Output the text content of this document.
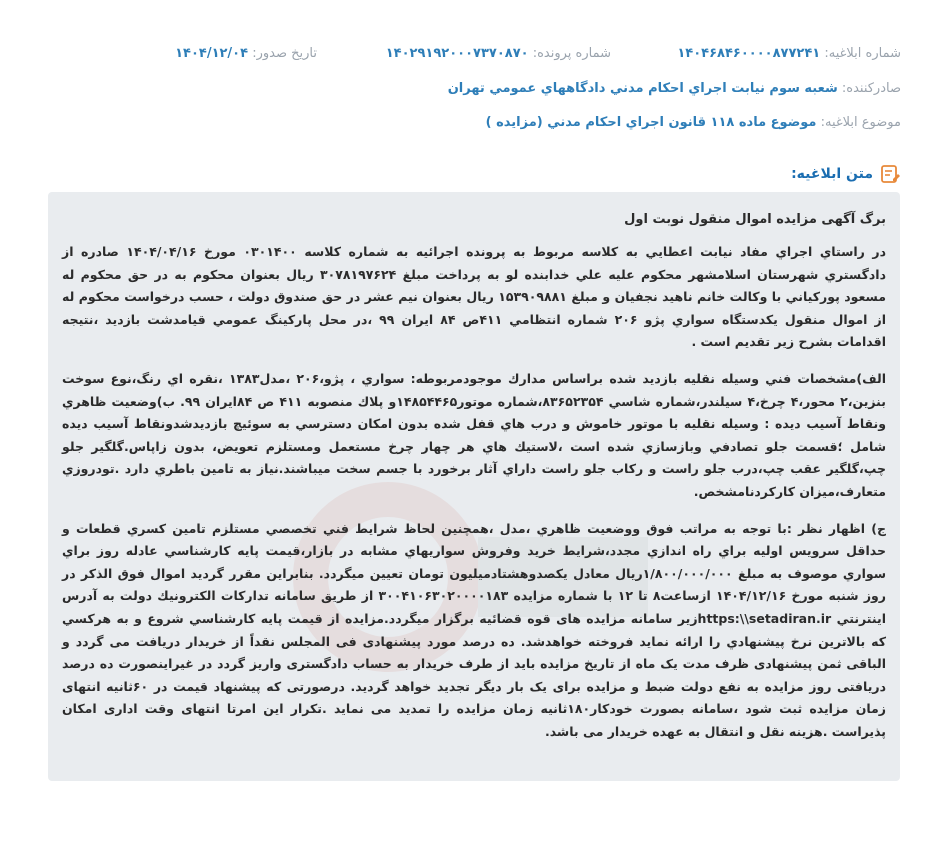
شماره ابلاغیه: ۱۴۰۴۶۸۴۶۰۰۰۰۸۷۷۲۴۱
شماره پرونده: ۱۴۰۲۹۱۹۲۰۰۰۷۳۷۰۸۷۰
تاریخ صدور: ۱۴۰۴/۱۲/۰۴
صادرکننده: شعبه سوم نيابت اجراي احكام مدني دادگاههاي عمومي تهران
موضوع ابلاغیه: موضوع ماده ۱۱۸ قانون اجراي احكام مدني (مزايده )
متن ابلاغیه:
برگ آگهی مزايده اموال منقول نوبت اول

در راستاي اجراي مفاد نيابت اعطايي به كلاسه مربوط به پرونده اجرائيه به شماره كلاسه ۰۳۰۱۴۰۰ مورخ ۱۴۰۴/۰۴/۱۶ صادره از دادگستري شهرستان اسلامشهر محكوم عليه علي خدابنده لو به پرداخت مبلغ ۳۰۷۸۱۹۷۶۲۴ ريال بعنوان محكوم به در حق محكوم له مسعود پوركياني با وكالت خانم ناهيد نجفيان و مبلغ ۱۵۳۹۰۹۸۸۱ ريال بعنوان نيم عشر در حق صندوق دولت ، حسب درخواست محكوم له از اموال منقول يكدستگاه سواري پژو ۲۰۶ شماره انتظامي ۴۱۱ص ۸۴ ايران ۹۹ ،در محل پاركينگ عمومي قيامدشت بازديد ،نتيجه اقدامات بشرح زير تقديم است .

الف)مشخصات فني وسيله نقليه بازديد شده براساس مدارك موجودمربوطه: سواري ، پژو،۲۰۶ ،مدل۱۳۸۳ ،نقره اي رنگ،نوع سوخت بنزين،۲ محور،۴ چرخ،۴ سيلندر،شماره شاسي ۸۳۶۵۲۳۵۴،شماره موتور۱۴۸۵۴۴۶۵و پلاك منصوبه ۴۱۱ ص ۸۴ايران ۹۹. ب)وضعيت ظاهري ونقاط آسيب ديده : وسيله نقليه با موتور خاموش و درب هاي قفل شده بدون امكان دسترسي به سوئيچ بازديدشدونقاط آسيب ديده شامل ؛قسمت جلو تصادفي وبازسازي شده است ،لاستيك هاي هر چهار چرخ مستعمل ومستلزم تعويض، بدون زاپاس.گلگير جلو چپ،گلگير عقب چپ،درب جلو راست و ركاب جلو راست داراي آثار برخورد با جسم سخت ميباشند.نياز به تامين باطري دارد .تودروزي متعارف،ميزان كاركردنامشخص.

ج) اظهار نظر :با توجه به مراتب فوق ووضعيت ظاهري ،مدل ،همچنين لحاظ شرايط فني تخصصي مستلزم تامين كسري قطعات و حداقل سرويس اوليه براي راه اندازي مجدد،شرايط خريد وفروش سواريهاي مشابه در بازار،قيمت پايه كارشناسي عادله روز براي سواري موصوف به مبلغ ۱/۸۰۰/۰۰۰/۰۰۰ريال معادل يكصدوهشتادميليون تومان تعيين ميگردد. بنابراين مقرر گرديد اموال فوق الذكر در روز شنبه مورخ ۱۴۰۴/۱۲/۱۶ ازساعت۸ تا ۱۲ با شماره مزايده ۳۰۰۴۱۰۶۳۰۲۰۰۰۰۱۸۳ از طريق سامانه تداركات الكترونيك دولت به آدرس اينترنتي https:\\setadiran.irزير سامانه مزايده های قوه قضائيه برگزار ميگردد.مزايده از قيمت پايه كارشناسي شروع و به هركسي كه بالاترين نرخ پيشنهادي را ارائه نمايد فروخته خواهدشد. ده درصد مورد پيشنهادى فى المجلس نقداً از خريدار دريافت مى گردد و الباقى ثمن پيشنهادى ظرف مدت يک ماه از تاريخ مزايده بايد از طرف خريدار به حساب دادگستری واريز گردد در غيراينصورت ده درصد دريافتى روز مزايده به نفع دولت ضبط و مزايده برای يک بار ديگر تجديد خواهد گرديد. درصورتی که پيشنهاد قيمت در ۶۰ثانيه انتهای زمان مزايده ثبت شود ،سامانه بصورت خودکار۱۸۰ثانيه زمان مزايده را تمديد می نمايد .تکرار اين امرتا انتهای وقت اداری امکان پذيراست .هزينه نقل و انتقال به عهده خريدار می باشد.
